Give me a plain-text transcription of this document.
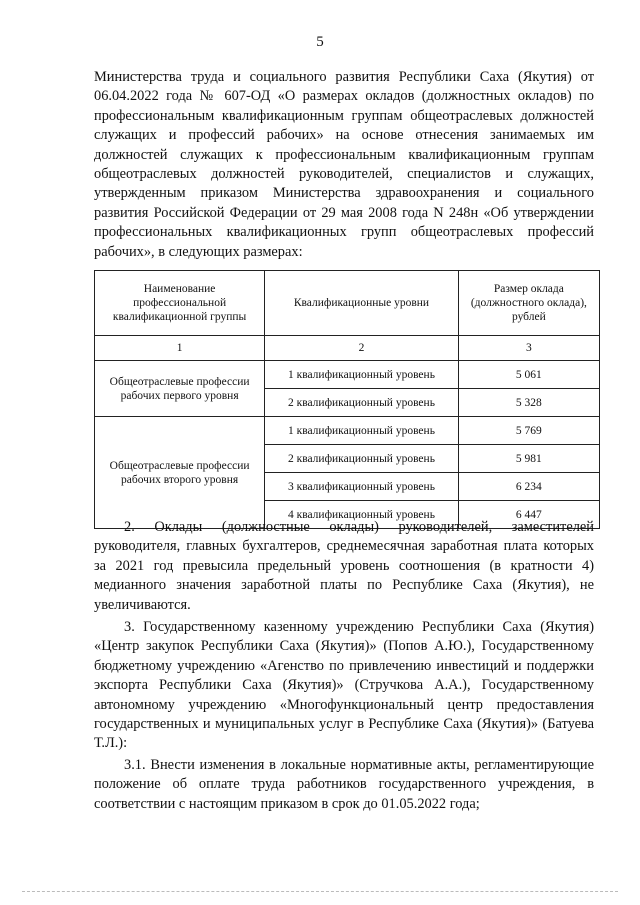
5

Министерства труда и социального развития Республики Саха (Якутия) от 06.04.2022 года № 607-ОД «О размерах окладов (должностных окладов) по профессиональным квалификационным группам общеотраслевых должностей служащих и профессий рабочих» на основе отнесения занимаемых им должностей служащих к профессиональным квалификационным группам общеотраслевых должностей руководителей, специалистов и служащих, утвержденным приказом Министерства здравоохранения и социального развития Российской Федерации от 29 мая 2008 года N 248н «Об утверждении профессиональных квалификационных групп общеотраслевых профессий рабочих», в следующих размерах:

Наименование профессиональной квалификационной группы	Квалификационные уровни	Размер оклада (должностного оклада), рублей
1	2	3
Общеотраслевые профессии рабочих первого уровня	1 квалификационный уровень	5 061
	2 квалификационный уровень	5 328
Общеотраслевые профессии рабочих второго уровня	1 квалификационный уровень	5 769
	2 квалификационный уровень	5 981
	3 квалификационный уровень	6 234
	4 квалификационный уровень	6 447

2. Оклады (должностные оклады) руководителей, заместителей руководителя, главных бухгалтеров, среднемесячная заработная плата которых за 2021 год превысила предельный уровень соотношения (в кратности 4) медианного значения заработной платы по Республике Саха (Якутия), не увеличиваются.

3. Государственному казенному учреждению Республики Саха (Якутия) «Центр закупок Республики Саха (Якутия)» (Попов А.Ю.), Государственному бюджетному учреждению «Агенство по привлечению инвестиций и поддержки экспорта Республики Саха (Якутия)» (Стручкова А.А.), Государственному автономному учреждению «Многофункциональный центр предоставления государственных и муниципальных услуг в Республике Саха (Якутия)» (Батуева Т.Л.):

3.1. Внести изменения в локальные нормативные акты, регламентирующие положение об оплате труда работников государственного учреждения, в соответствии с настоящим приказом в срок до 01.05.2022 года;
